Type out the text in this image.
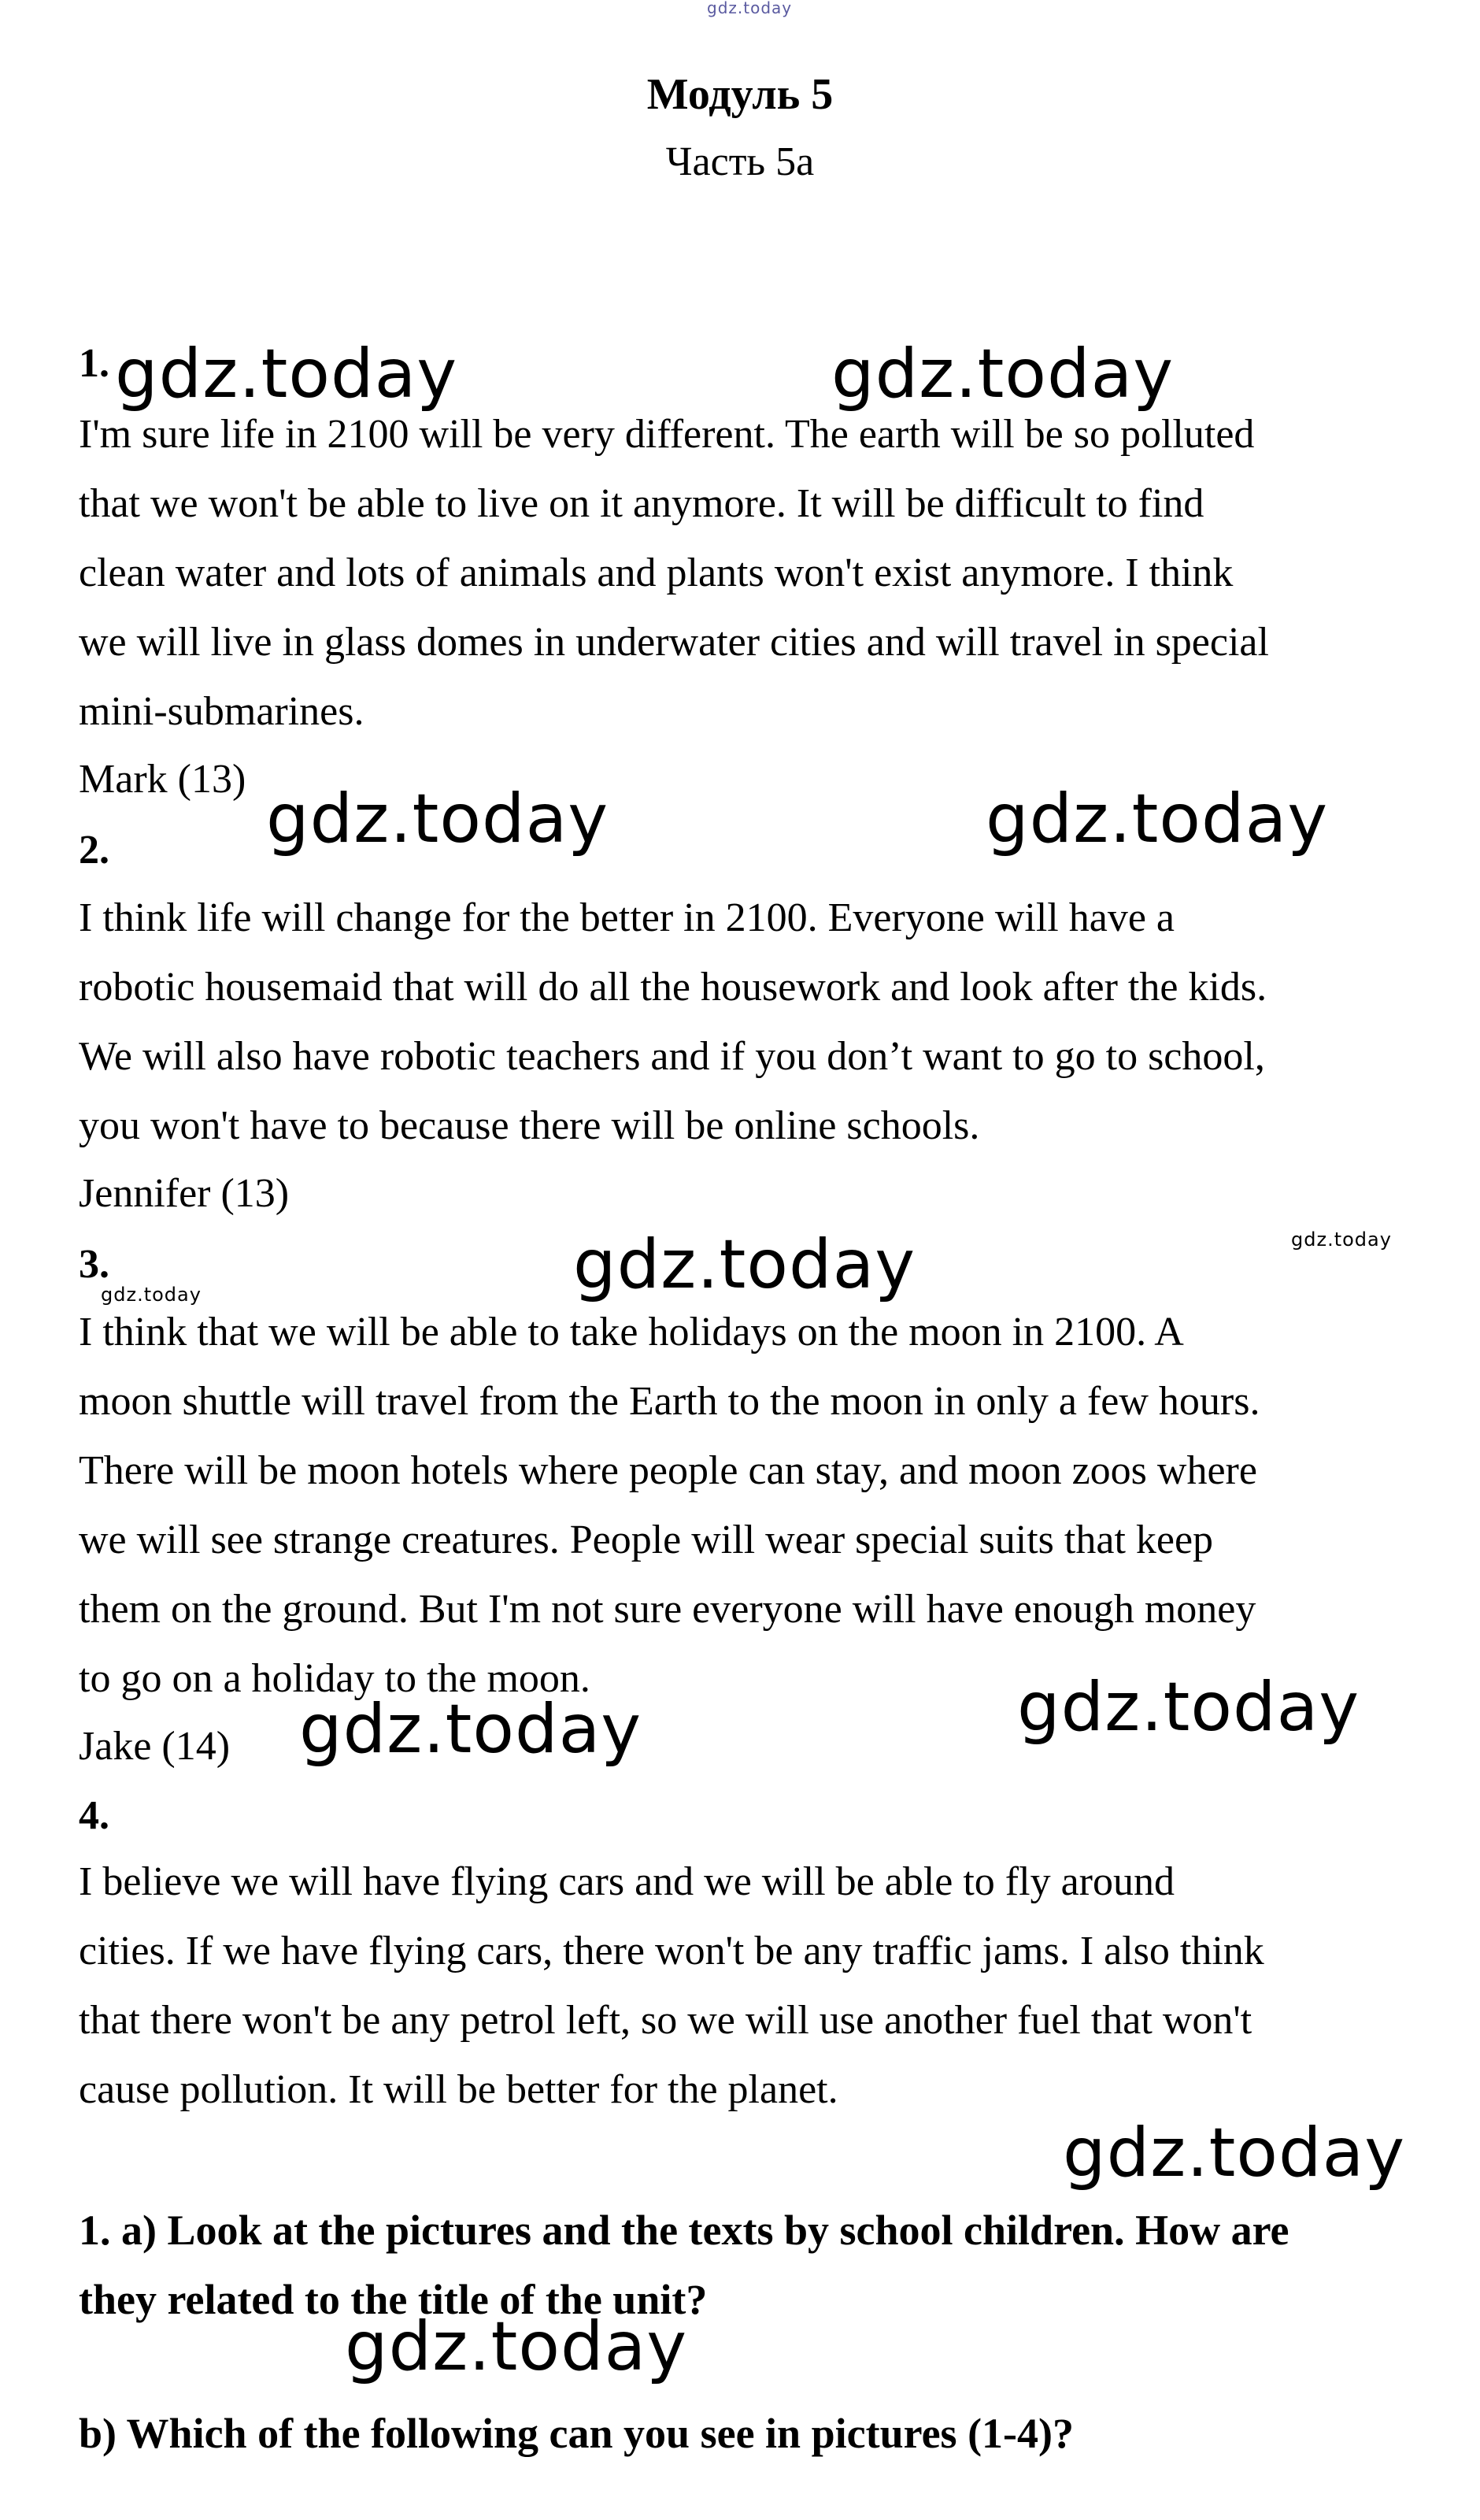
gdz.today
Модуль 5
Часть 5a
1. gdz.today	gdz.today
I'm sure life in 2100 will be very different. The earth will be so polluted
that we won't be able to live on it anymore. It will be difficult to find
clean water and lots of animals and plants won't exist anymore. I think
we will live in glass domes in underwater cities and will travel in special
mini-submarines.
Mark (13)
2. gdz.today	gdz.today
I think life will change for the better in 2100. Everyone will have a
robotic housemaid that will do all the housework and look after the kids.
We will also have robotic teachers and if you don’t want to go to school,
you won't have to because there will be online schools.
Jennifer (13)
3.
gdz.today	gdz.today	gdz.today
I think that we will be able to take holidays on the moon in 2100. A
moon shuttle will travel from the Earth to the moon in only a few hours.
There will be moon hotels where people can stay, and moon zoos where
we will see strange creatures. People will wear special suits that keep
them on the ground. But I'm not sure everyone will have enough money
to go on a holiday to the moon.
Jake (14) gdz.today	gdz.today
4.
I believe we will have flying cars and we will be able to fly around
cities. If we have flying cars, there won't be any traffic jams. I also think
that there won't be any petrol left, so we will use another fuel that won't
cause pollution. It will be better for the planet.
gdz.today
1. a) Look at the pictures and the texts by school children. How are
they related to the title of the unit?
gdz.today
b) Which of the following can you see in pictures (1-4)?
